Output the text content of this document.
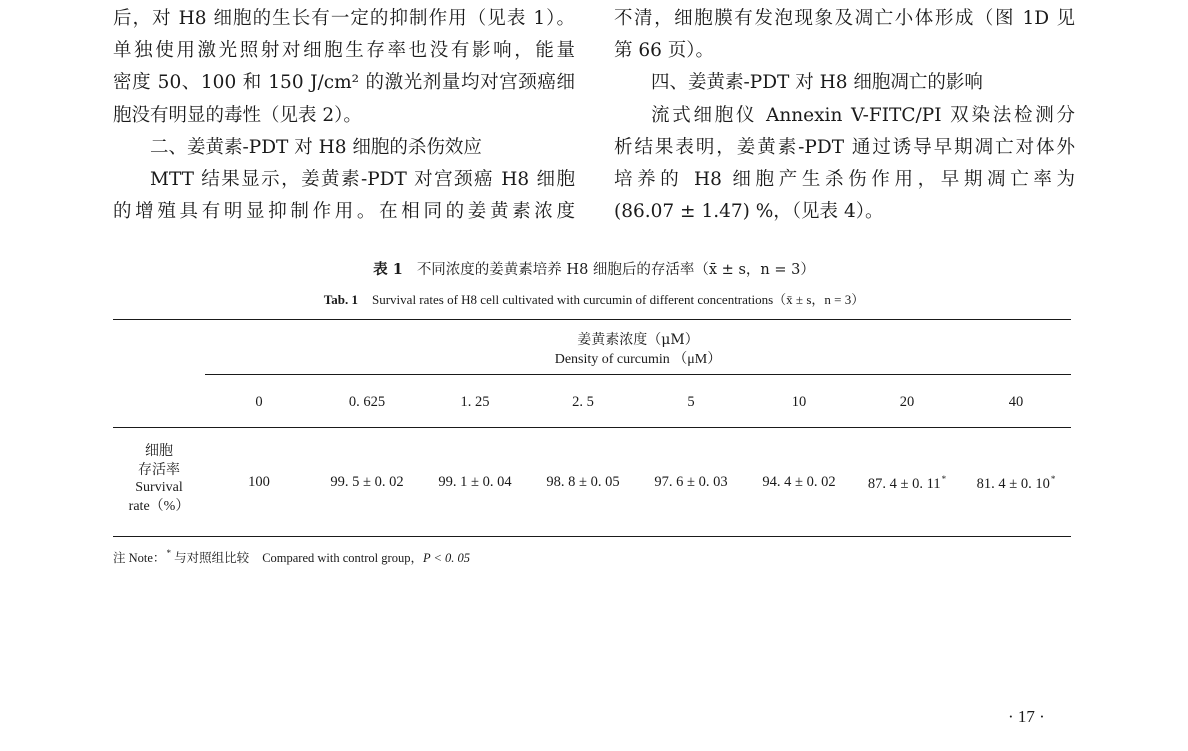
后，对 H8 细胞的生长有一定的抑制作用（见表 1）。

单独使用激光照射对细胞生存率也没有影响，能量

密度 50、100 和 150 J/cm² 的激光剂量均对宫颈癌细

胞没有明显的毒性（见表 2）。

二、姜黄素-PDT 对 H8 细胞的杀伤效应

MTT 结果显示，姜黄素-PDT 对宫颈癌 H8 细胞

的增殖具有明显抑制作用。在相同的姜黄素浓度

不清，细胞膜有发泡现象及凋亡小体形成（图 1D 见

第 66 页）。

四、姜黄素-PDT 对 H8 细胞凋亡的影响

流式细胞仪 Annexin V-FITC/PI 双染法检测分

析结果表明，姜黄素-PDT 通过诱导早期凋亡对体外

培养的 H8 细胞产生杀伤作用，早期凋亡率为

(86.07 ± 1.47) %，（见表 4）。

表 1 不同浓度的姜黄素培养 H8 细胞后的存活率（x̄ ± s，n = 3）
Tab. 1 Survival rates of H8 cell cultivated with curcumin of different concentrations（x̄ ± s，n = 3）
姜黄素浓度（μM）
Density of curcumin （μM）
0	0. 625	1. 25	2. 5	5	10	20	40
细胞
存活率
Survival
rate（%）
100	99. 5 ± 0. 02	99. 1 ± 0. 04	98. 8 ± 0. 05	97. 6 ± 0. 03	94. 4 ± 0. 02	87. 4 ± 0. 11*	81. 4 ± 0. 10*
注 Note：* 与对照组比较 Compared with control group，P < 0. 05
· 17 ·
